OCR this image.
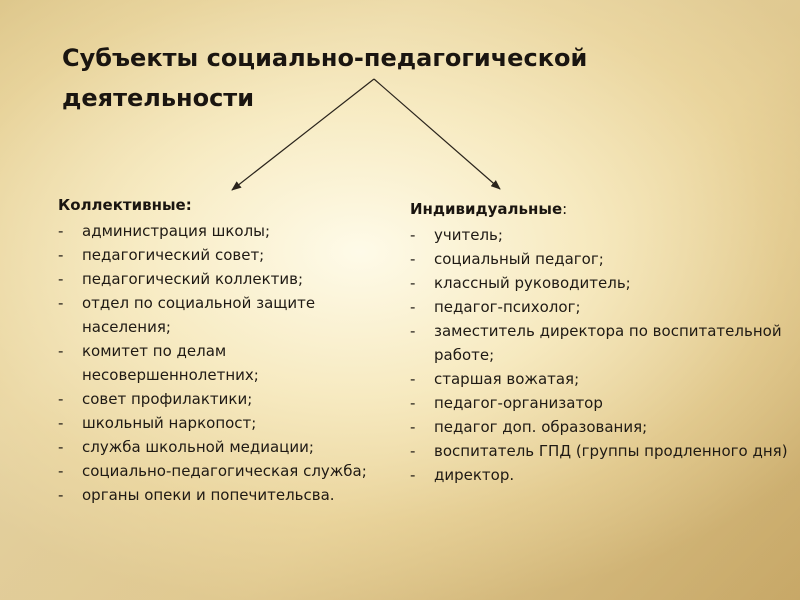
Субъекты социально-педагогической деятельности
Коллективные:
- администрация школы;
- педагогический совет;
- педагогический коллектив;
- отдел по социальной защите населения;
- комитет по делам несовершеннолетних;
- совет профилактики;
- школьный наркопост;
- служба школьной медиации;
- социально-педагогическая служба;
- органы опеки и попечительсва.
Индивидуальные:
- учитель;
- социальный педагог;
- классный руководитель;
- педагог-психолог;
- заместитель директора по воспитательной работе;
- старшая вожатая;
- педагог-организатор
- педагог доп. образования;
- воспитатель ГПД (группы продленного дня)
- директор.
